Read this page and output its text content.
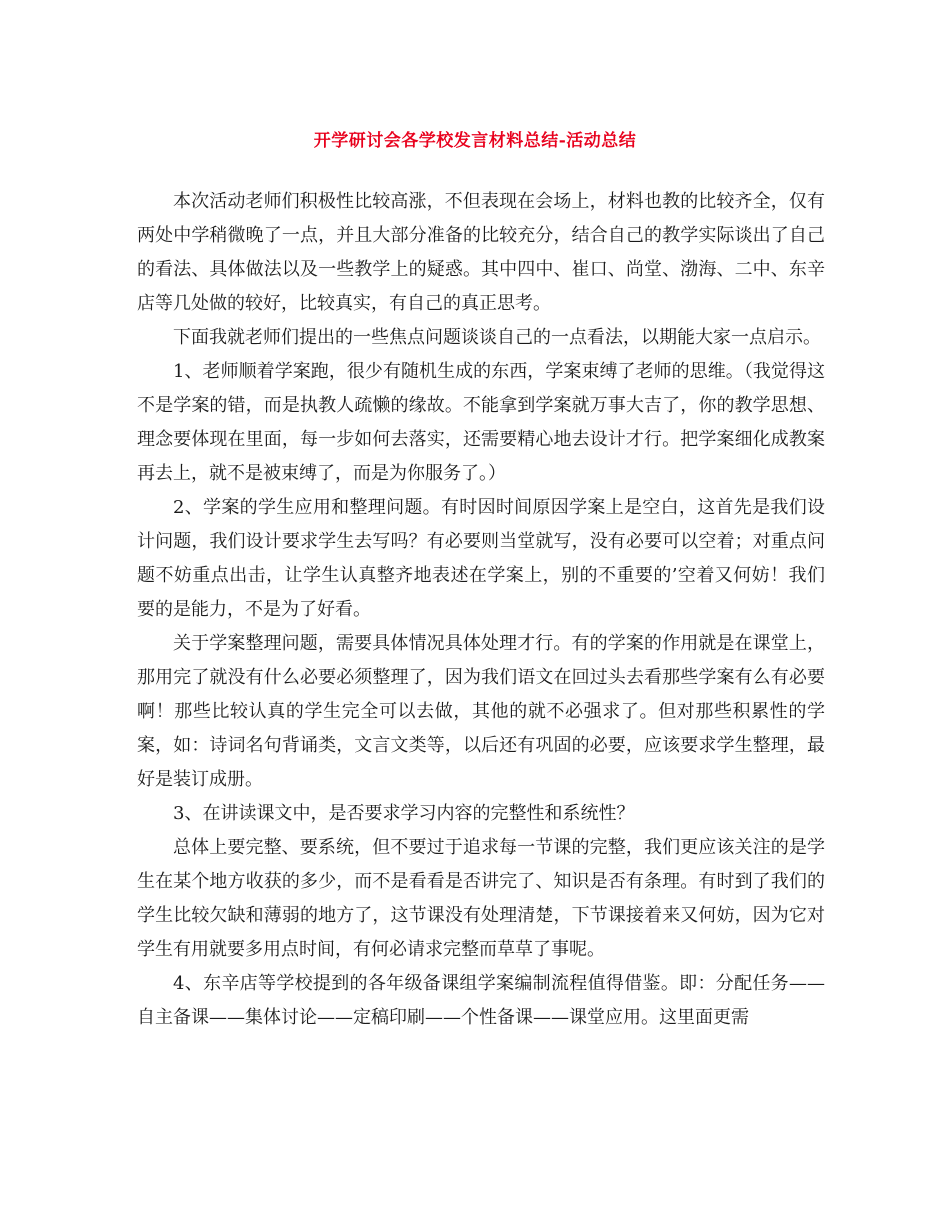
开学研讨会各学校发言材料总结-活动总结

本次活动老师们积极性比较高涨，不但表现在会场上，材料也教的比较齐全，仅有两处中学稍微晚了一点，并且大部分准备的比较充分，结合自己的教学实际谈出了自己的看法、具体做法以及一些教学上的疑惑。其中四中、崔口、尚堂、渤海、二中、东辛店等几处做的较好，比较真实，有自己的真正思考。

下面我就老师们提出的一些焦点问题谈谈自己的一点看法，以期能大家一点启示。

1、老师顺着学案跑，很少有随机生成的东西，学案束缚了老师的思维。（我觉得这不是学案的错，而是执教人疏懒的缘故。不能拿到学案就万事大吉了，你的教学思想、理念要体现在里面，每一步如何去落实，还需要精心地去设计才行。把学案细化成教案再去上，就不是被束缚了，而是为你服务了。）

2、学案的学生应用和整理问题。有时因时间原因学案上是空白，这首先是我们设计问题，我们设计要求学生去写吗？有必要则当堂就写，没有必要可以空着；对重点问题不妨重点出击，让学生认真整齐地表述在学案上，别的不重要的’空着又何妨！我们要的是能力，不是为了好看。

关于学案整理问题，需要具体情况具体处理才行。有的学案的作用就是在课堂上，那用完了就没有什么必要必须整理了，因为我们语文在回过头去看那些学案有么有必要啊！那些比较认真的学生完全可以去做，其他的就不必强求了。但对那些积累性的学案，如：诗词名句背诵类，文言文类等，以后还有巩固的必要，应该要求学生整理，最好是装订成册。

3、在讲读课文中，是否要求学习内容的完整性和系统性？

总体上要完整、要系统，但不要过于追求每一节课的完整，我们更应该关注的是学生在某个地方收获的多少，而不是看看是否讲完了、知识是否有条理。有时到了我们的学生比较欠缺和薄弱的地方了，这节课没有处理清楚，下节课接着来又何妨，因为它对学生有用就要多用点时间，有何必请求完整而草草了事呢。

4、东辛店等学校提到的各年级备课组学案编制流程值得借鉴。即：分配任务——自主备课——集体讨论——定稿印刷——个性备课——课堂应用。这里面更需
